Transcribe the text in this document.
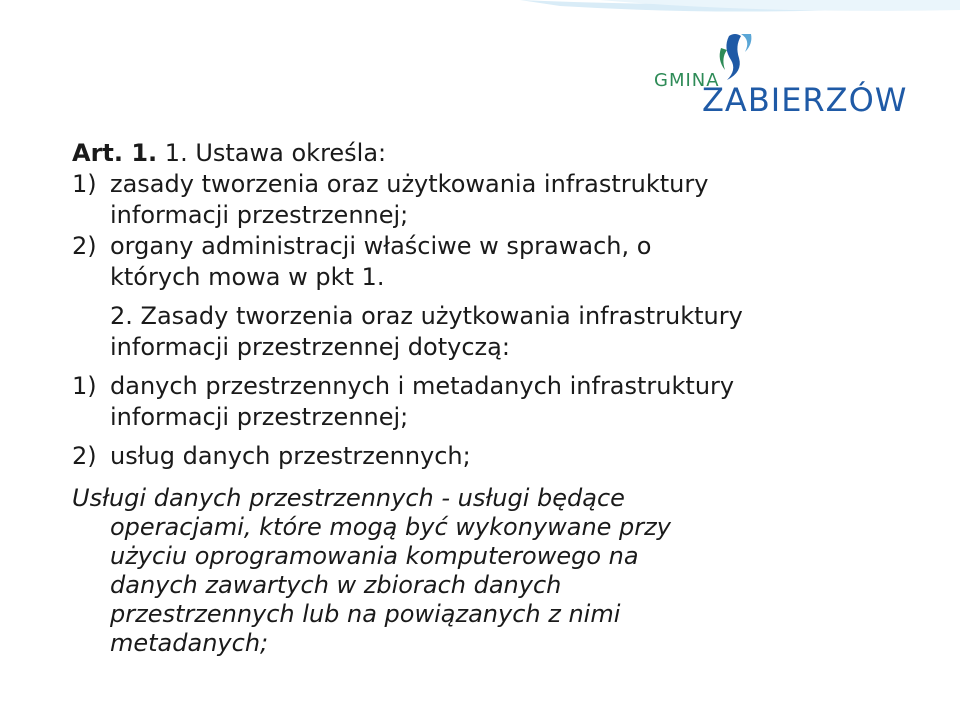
GMINA
ZABIERZÓW
Art. 1. 1. Ustawa określa:
1) zasady tworzenia oraz użytkowania infrastruktury
informacji przestrzennej;
2) organy administracji właściwe w sprawach, o
których mowa w pkt 1.
2. Zasady tworzenia oraz użytkowania infrastruktury
informacji przestrzennej dotyczą:
1) danych przestrzennych i metadanych infrastruktury
informacji przestrzennej;
2) usług danych przestrzennych;
Usługi danych przestrzennych - usługi będące
operacjami, które mogą być wykonywane przy
użyciu oprogramowania komputerowego na
danych zawartych w zbiorach danych
przestrzennych lub na powiązanych z nimi
metadanych;
